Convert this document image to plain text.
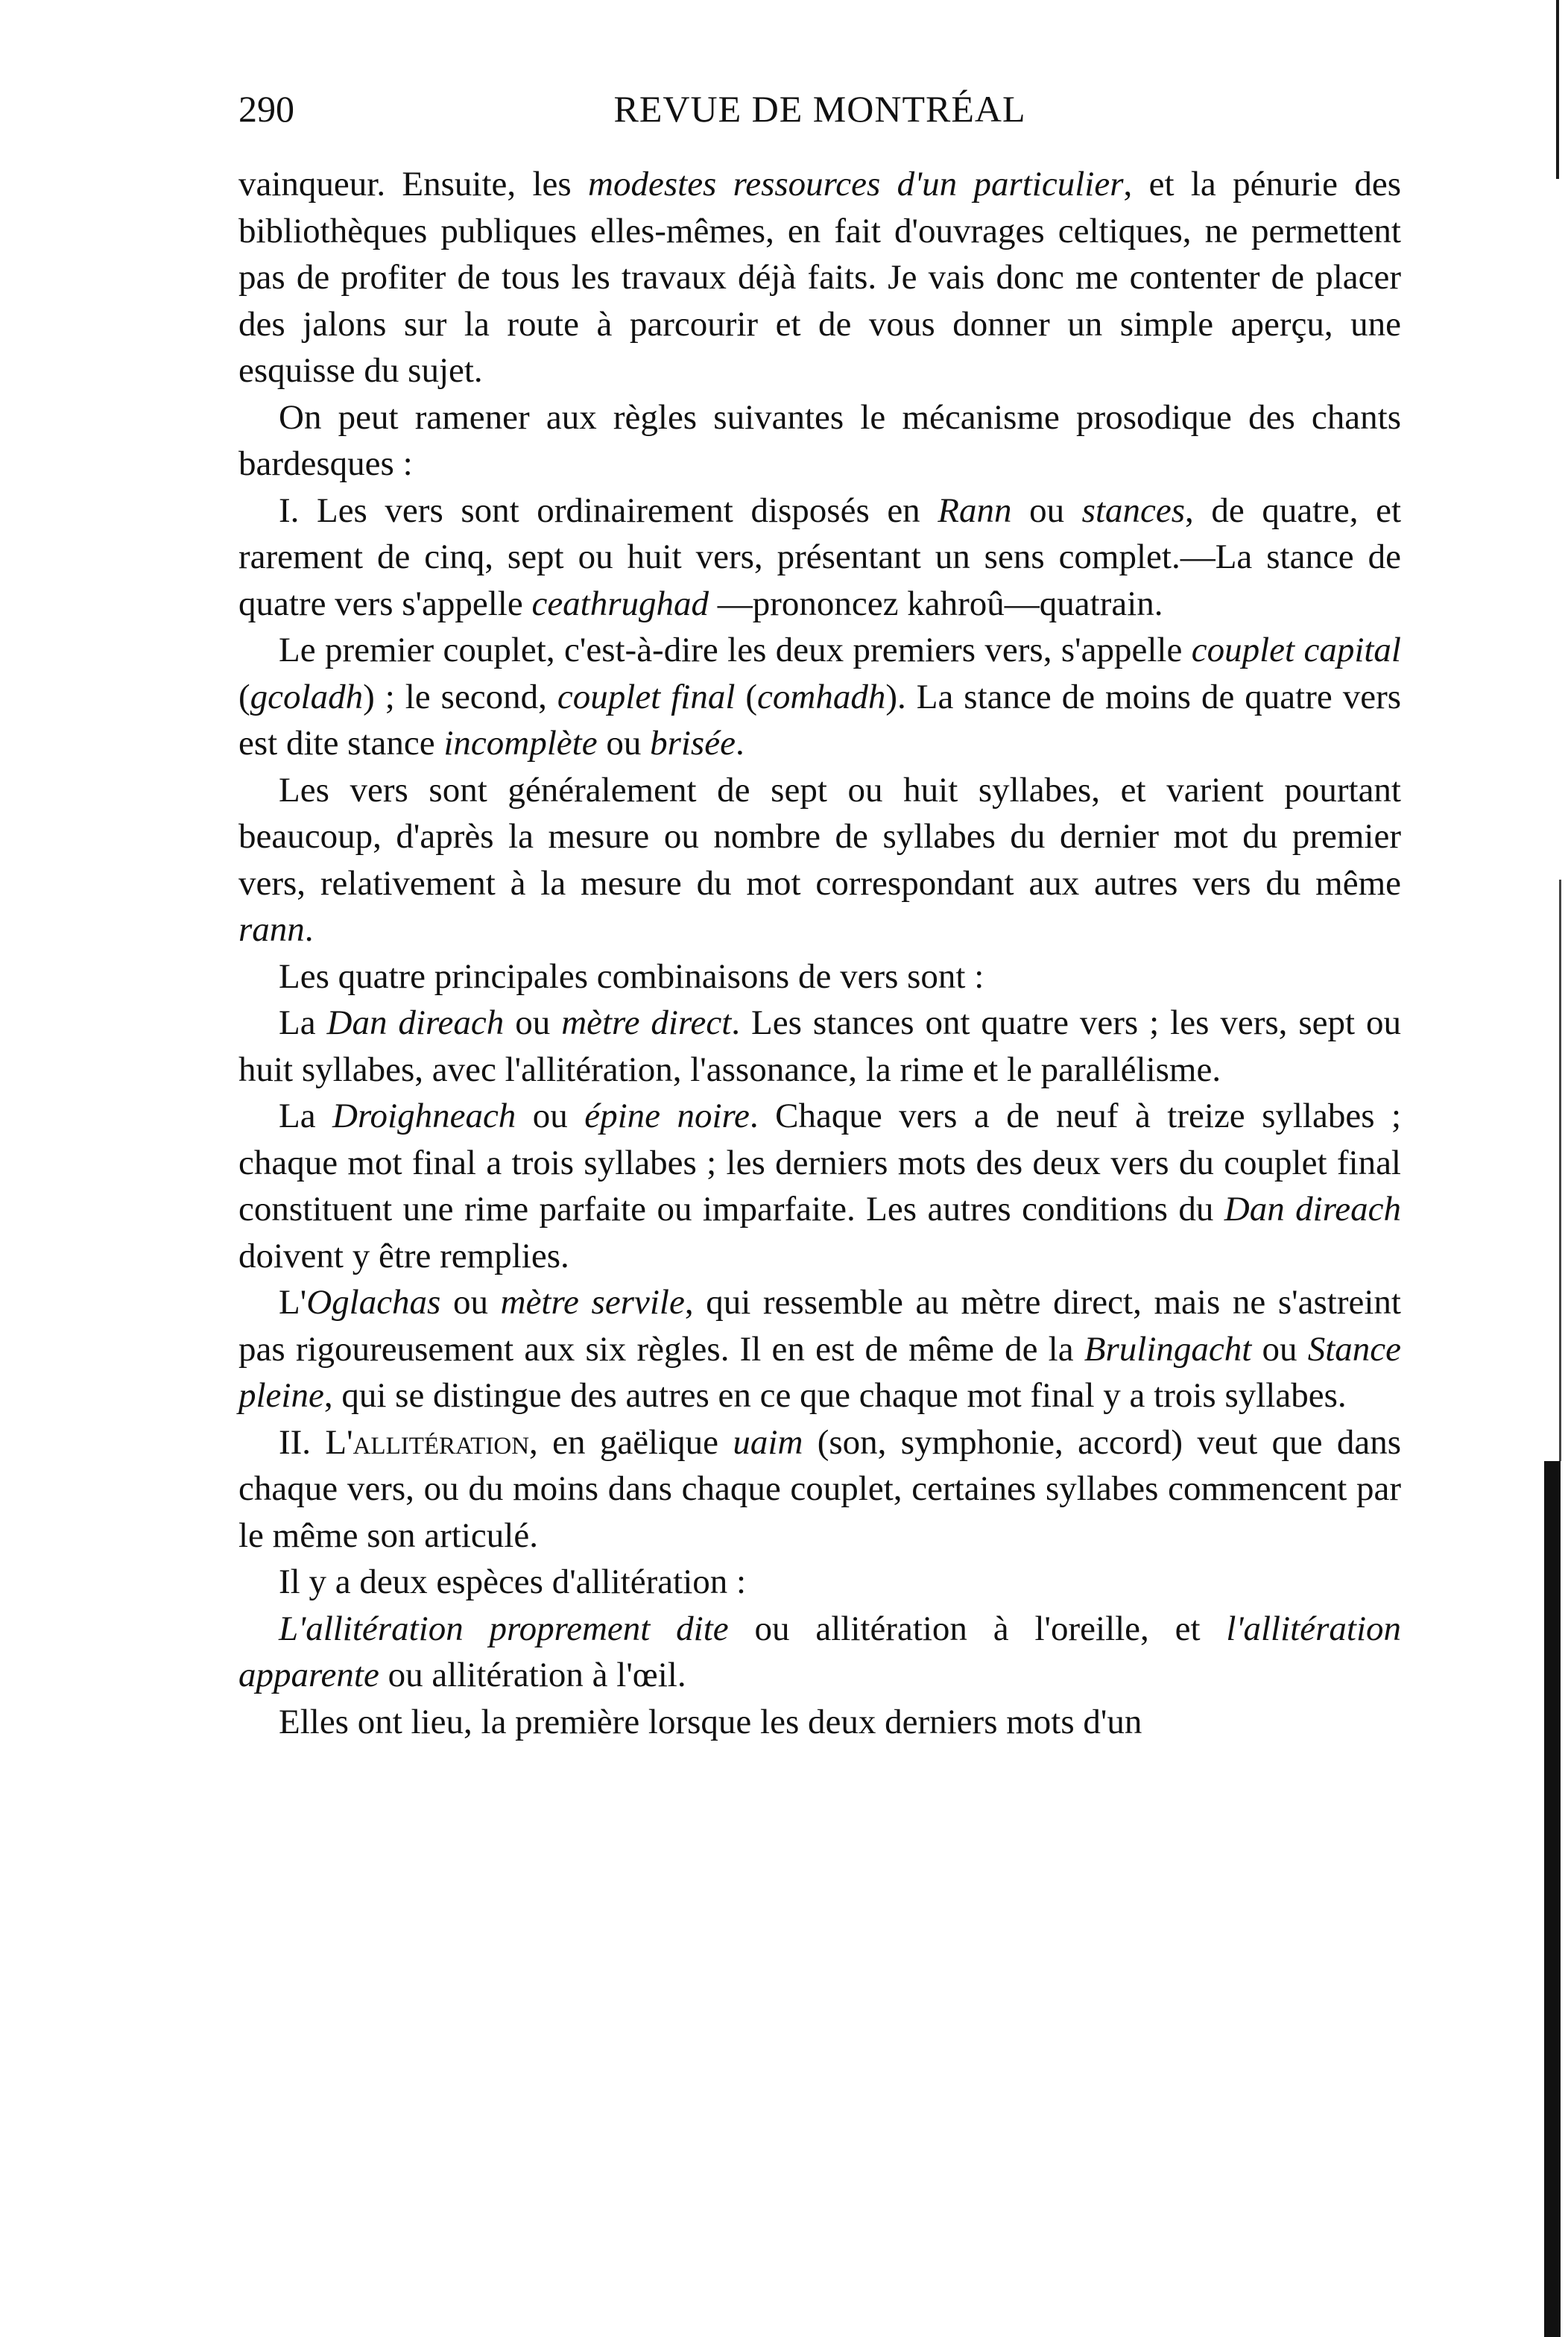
290	REVUE DE MONTRÉAL

vainqueur. Ensuite, les modestes ressources d'un particulier, et la pénurie des bibliothèques publiques elles-mêmes, en fait d'ouvrages celtiques, ne permettent pas de profiter de tous les travaux déjà faits. Je vais donc me contenter de placer des jalons sur la route à parcourir et de vous donner un simple aperçu, une esquisse du sujet.

On peut ramener aux règles suivantes le mécanisme prosodique des chants bardesques :

I. Les vers sont ordinairement disposés en Rann ou stances, de quatre, et rarement de cinq, sept ou huit vers, présentant un sens complet.—La stance de quatre vers s'appelle ceathrughad —prononcez kahroû—quatrain.

Le premier couplet, c'est-à-dire les deux premiers vers, s'appelle couplet capital (gcoladh) ; le second, couplet final (comhadh). La stance de moins de quatre vers est dite stance incomplète ou brisée.

Les vers sont généralement de sept ou huit syllabes, et varient pourtant beaucoup, d'après la mesure ou nombre de syllabes du dernier mot du premier vers, relativement à la mesure du mot correspondant aux autres vers du même rann.

Les quatre principales combinaisons de vers sont :

La Dan direach ou mètre direct. Les stances ont quatre vers ; les vers, sept ou huit syllabes, avec l'allitération, l'assonance, la rime et le parallélisme.

La Droighneach ou épine noire. Chaque vers a de neuf à treize syllabes ; chaque mot final a trois syllabes ; les derniers mots des deux vers du couplet final constituent une rime parfaite ou imparfaite. Les autres conditions du Dan direach doivent y être remplies.

L'Oglachas ou mètre servile, qui ressemble au mètre direct, mais ne s'astreint pas rigoureusement aux six règles. Il en est de même de la Brulingacht ou Stance pleine, qui se distingue des autres en ce que chaque mot final y a trois syllabes.

II. L'allitération, en gaëlique uaim (son, symphonie, accord) veut que dans chaque vers, ou du moins dans chaque couplet, certaines syllabes commencent par le même son articulé.

Il y a deux espèces d'allitération :

L'allitération proprement dite ou allitération à l'oreille, et l'allitération apparente ou allitération à l'œil.

Elles ont lieu, la première lorsque les deux derniers mots d'un
